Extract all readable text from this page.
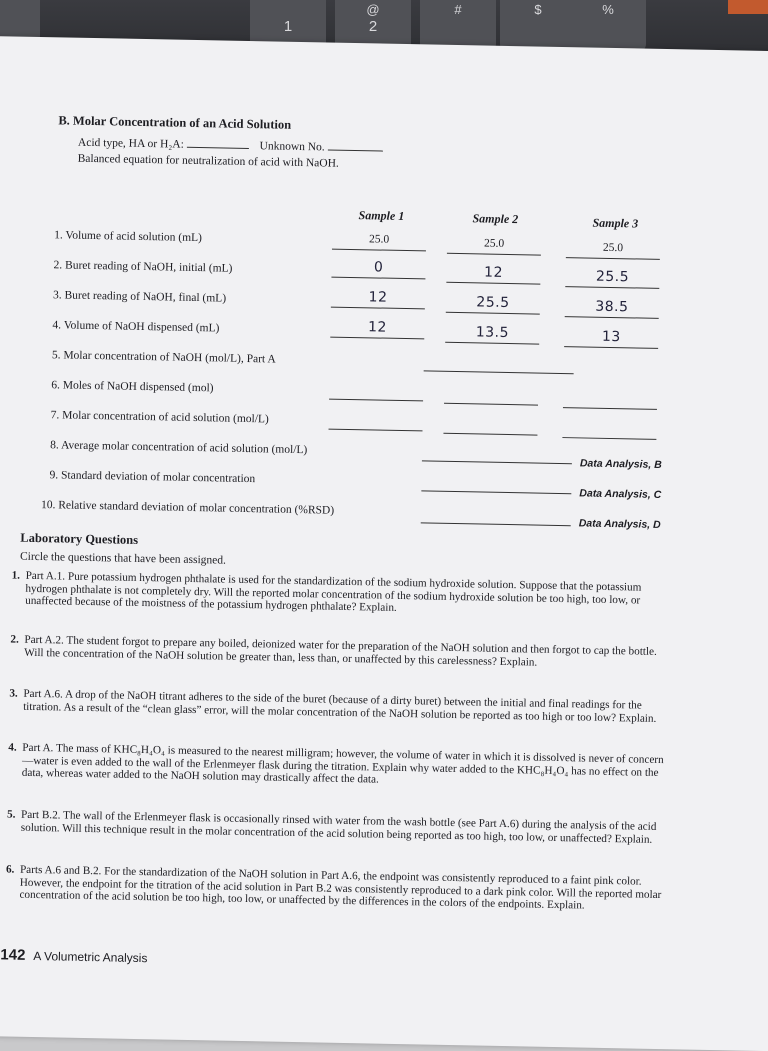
1
@
2
#	$	%
B. Molar Concentration of an Acid Solution
Acid type, HA or H₂A:	Unknown No.
Balanced equation for neutralization of acid with NaOH.
Sample 1	Sample 2	Sample 3
1. Volume of acid solution (mL)	25.0	25.0	25.0
2. Buret reading of NaOH, initial (mL)	0	12	25.5
3. Buret reading of NaOH, final (mL)	12	25.5	38.5
4. Volume of NaOH dispensed (mL)	12	13.5	13
5. Molar concentration of NaOH (mol/L), Part A
6. Moles of NaOH dispensed (mol)
7. Molar concentration of acid solution (mol/L)
8. Average molar concentration of acid solution (mol/L)
Data Analysis, B
9. Standard deviation of molar concentration
Data Analysis, C
10. Relative standard deviation of molar concentration (%RSD)
Data Analysis, D
Laboratory Questions
Circle the questions that have been assigned.
1. Part A.1. Pure potassium hydrogen phthalate is used for the standardization of the sodium hydroxide solution. Suppose that the potassium hydrogen phthalate is not completely dry. Will the reported molar concentration of the sodium hydroxide solution be too high, too low, or unaffected because of the moistness of the potassium hydrogen phthalate? Explain.
2. Part A.2. The student forgot to prepare any boiled, deionized water for the preparation of the NaOH solution and then forgot to cap the bottle. Will the concentration of the NaOH solution be greater than, less than, or unaffected by this carelessness? Explain.
3. Part A.6. A drop of the NaOH titrant adheres to the side of the buret (because of a dirty buret) between the initial and final readings for the titration. As a result of the “clean glass” error, will the molar concentration of the NaOH solution be reported as too high or too low? Explain.
4. Part A. The mass of KHC₈H₄O₄ is measured to the nearest milligram; however, the volume of water in which it is dissolved is never of concern—water is even added to the wall of the Erlenmeyer flask during the titration. Explain why water added to the KHC₈H₄O₄ has no effect on the data, whereas water added to the NaOH solution may drastically affect the data.
5. Part B.2. The wall of the Erlenmeyer flask is occasionally rinsed with water from the wash bottle (see Part A.6) during the analysis of the acid solution. Will this technique result in the molar concentration of the acid solution being reported as too high, too low, or unaffected? Explain.
6. Parts A.6 and B.2. For the standardization of the NaOH solution in Part A.6, the endpoint was consistently reproduced to a faint pink color. However, the endpoint for the titration of the acid solution in Part B.2 was consistently reproduced to a dark pink color. Will the reported molar concentration of the acid solution be too high, too low, or unaffected by the differences in the colors of the endpoints. Explain.
142 A Volumetric Analysis
